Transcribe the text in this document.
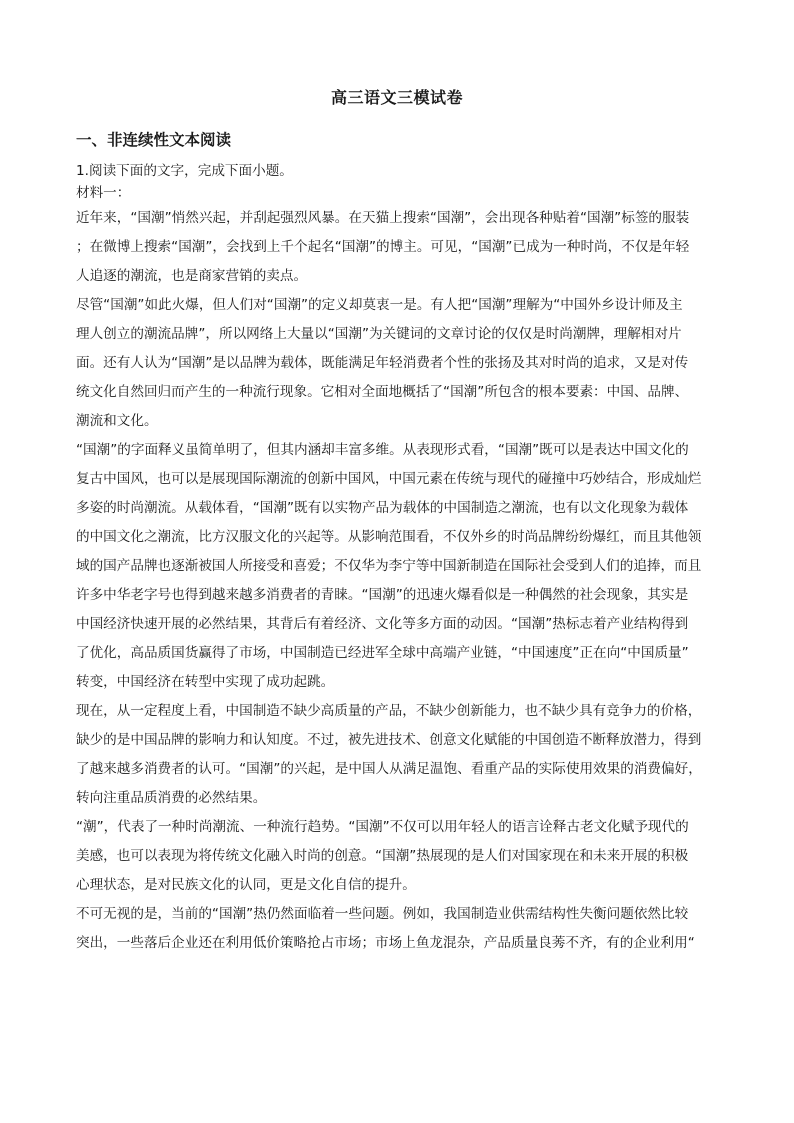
高三语文三模试卷
一、非连续性文本阅读
1.阅读下面的文字，完成下面小题。
材料一：
近年来，“国潮”悄然兴起，并刮起强烈风暴。在天猫上搜索“国潮”，会出现各种贴着“国潮”标签的服装
；在微博上搜索“国潮”，会找到上千个起名“国潮”的博主。可见，“国潮”已成为一种时尚，不仅是年轻
人追逐的潮流，也是商家营销的卖点。
尽管“国潮”如此火爆，但人们对“国潮”的定义却莫衷一是。有人把“国潮”理解为“中国外乡设计师及主
理人创立的潮流品牌”，所以网络上大量以“国潮”为关键词的文章讨论的仅仅是时尚潮牌，理解相对片
面。还有人认为“国潮”是以品牌为载体，既能满足年轻消费者个性的张扬及其对时尚的追求，又是对传
统文化自然回归而产生的一种流行现象。它相对全面地概括了“国潮”所包含的根本要素：中国、品牌、
潮流和文化。
“国潮”的字面释义虽简单明了，但其内涵却丰富多维。从表现形式看，“国潮”既可以是表达中国文化的
复古中国风，也可以是展现国际潮流的创新中国风，中国元素在传统与现代的碰撞中巧妙结合，形成灿烂
多姿的时尚潮流。从载体看，“国潮”既有以实物产品为载体的中国制造之潮流，也有以文化现象为载体
的中国文化之潮流，比方汉服文化的兴起等。从影响范围看，不仅外乡的时尚品牌纷纷爆红，而且其他领
域的国产品牌也逐渐被国人所接受和喜爱；不仅华为李宁等中国新制造在国际社会受到人们的追捧，而且
许多中华老字号也得到越来越多消费者的青睐。“国潮”的迅速火爆看似是一种偶然的社会现象，其实是
中国经济快速开展的必然结果，其背后有着经济、文化等多方面的动因。“国潮”热标志着产业结构得到
了优化，高品质国货赢得了市场，中国制造已经进军全球中高端产业链，“中国速度”正在向“中国质量”
转变，中国经济在转型中实现了成功起跳。
现在，从一定程度上看，中国制造不缺少高质量的产品，不缺少创新能力，也不缺少具有竞争力的价格，
缺少的是中国品牌的影响力和认知度。不过，被先进技术、创意文化赋能的中国创造不断释放潜力，得到
了越来越多消费者的认可。“国潮”的兴起，是中国人从满足温饱、看重产品的实际使用效果的消费偏好，
转向注重品质消费的必然结果。
“潮”，代表了一种时尚潮流、一种流行趋势。“国潮”不仅可以用年轻人的语言诠释古老文化赋予现代的
美感，也可以表现为将传统文化融入时尚的创意。“国潮”热展现的是人们对国家现在和未来开展的积极
心理状态，是对民族文化的认同，更是文化自信的提升。
不可无视的是，当前的“国潮”热仍然面临着一些问题。例如，我国制造业供需结构性失衡问题依然比较
突出，一些落后企业还在利用低价策略抢占市场；市场上鱼龙混杂，产品质量良莠不齐，有的企业利用“
